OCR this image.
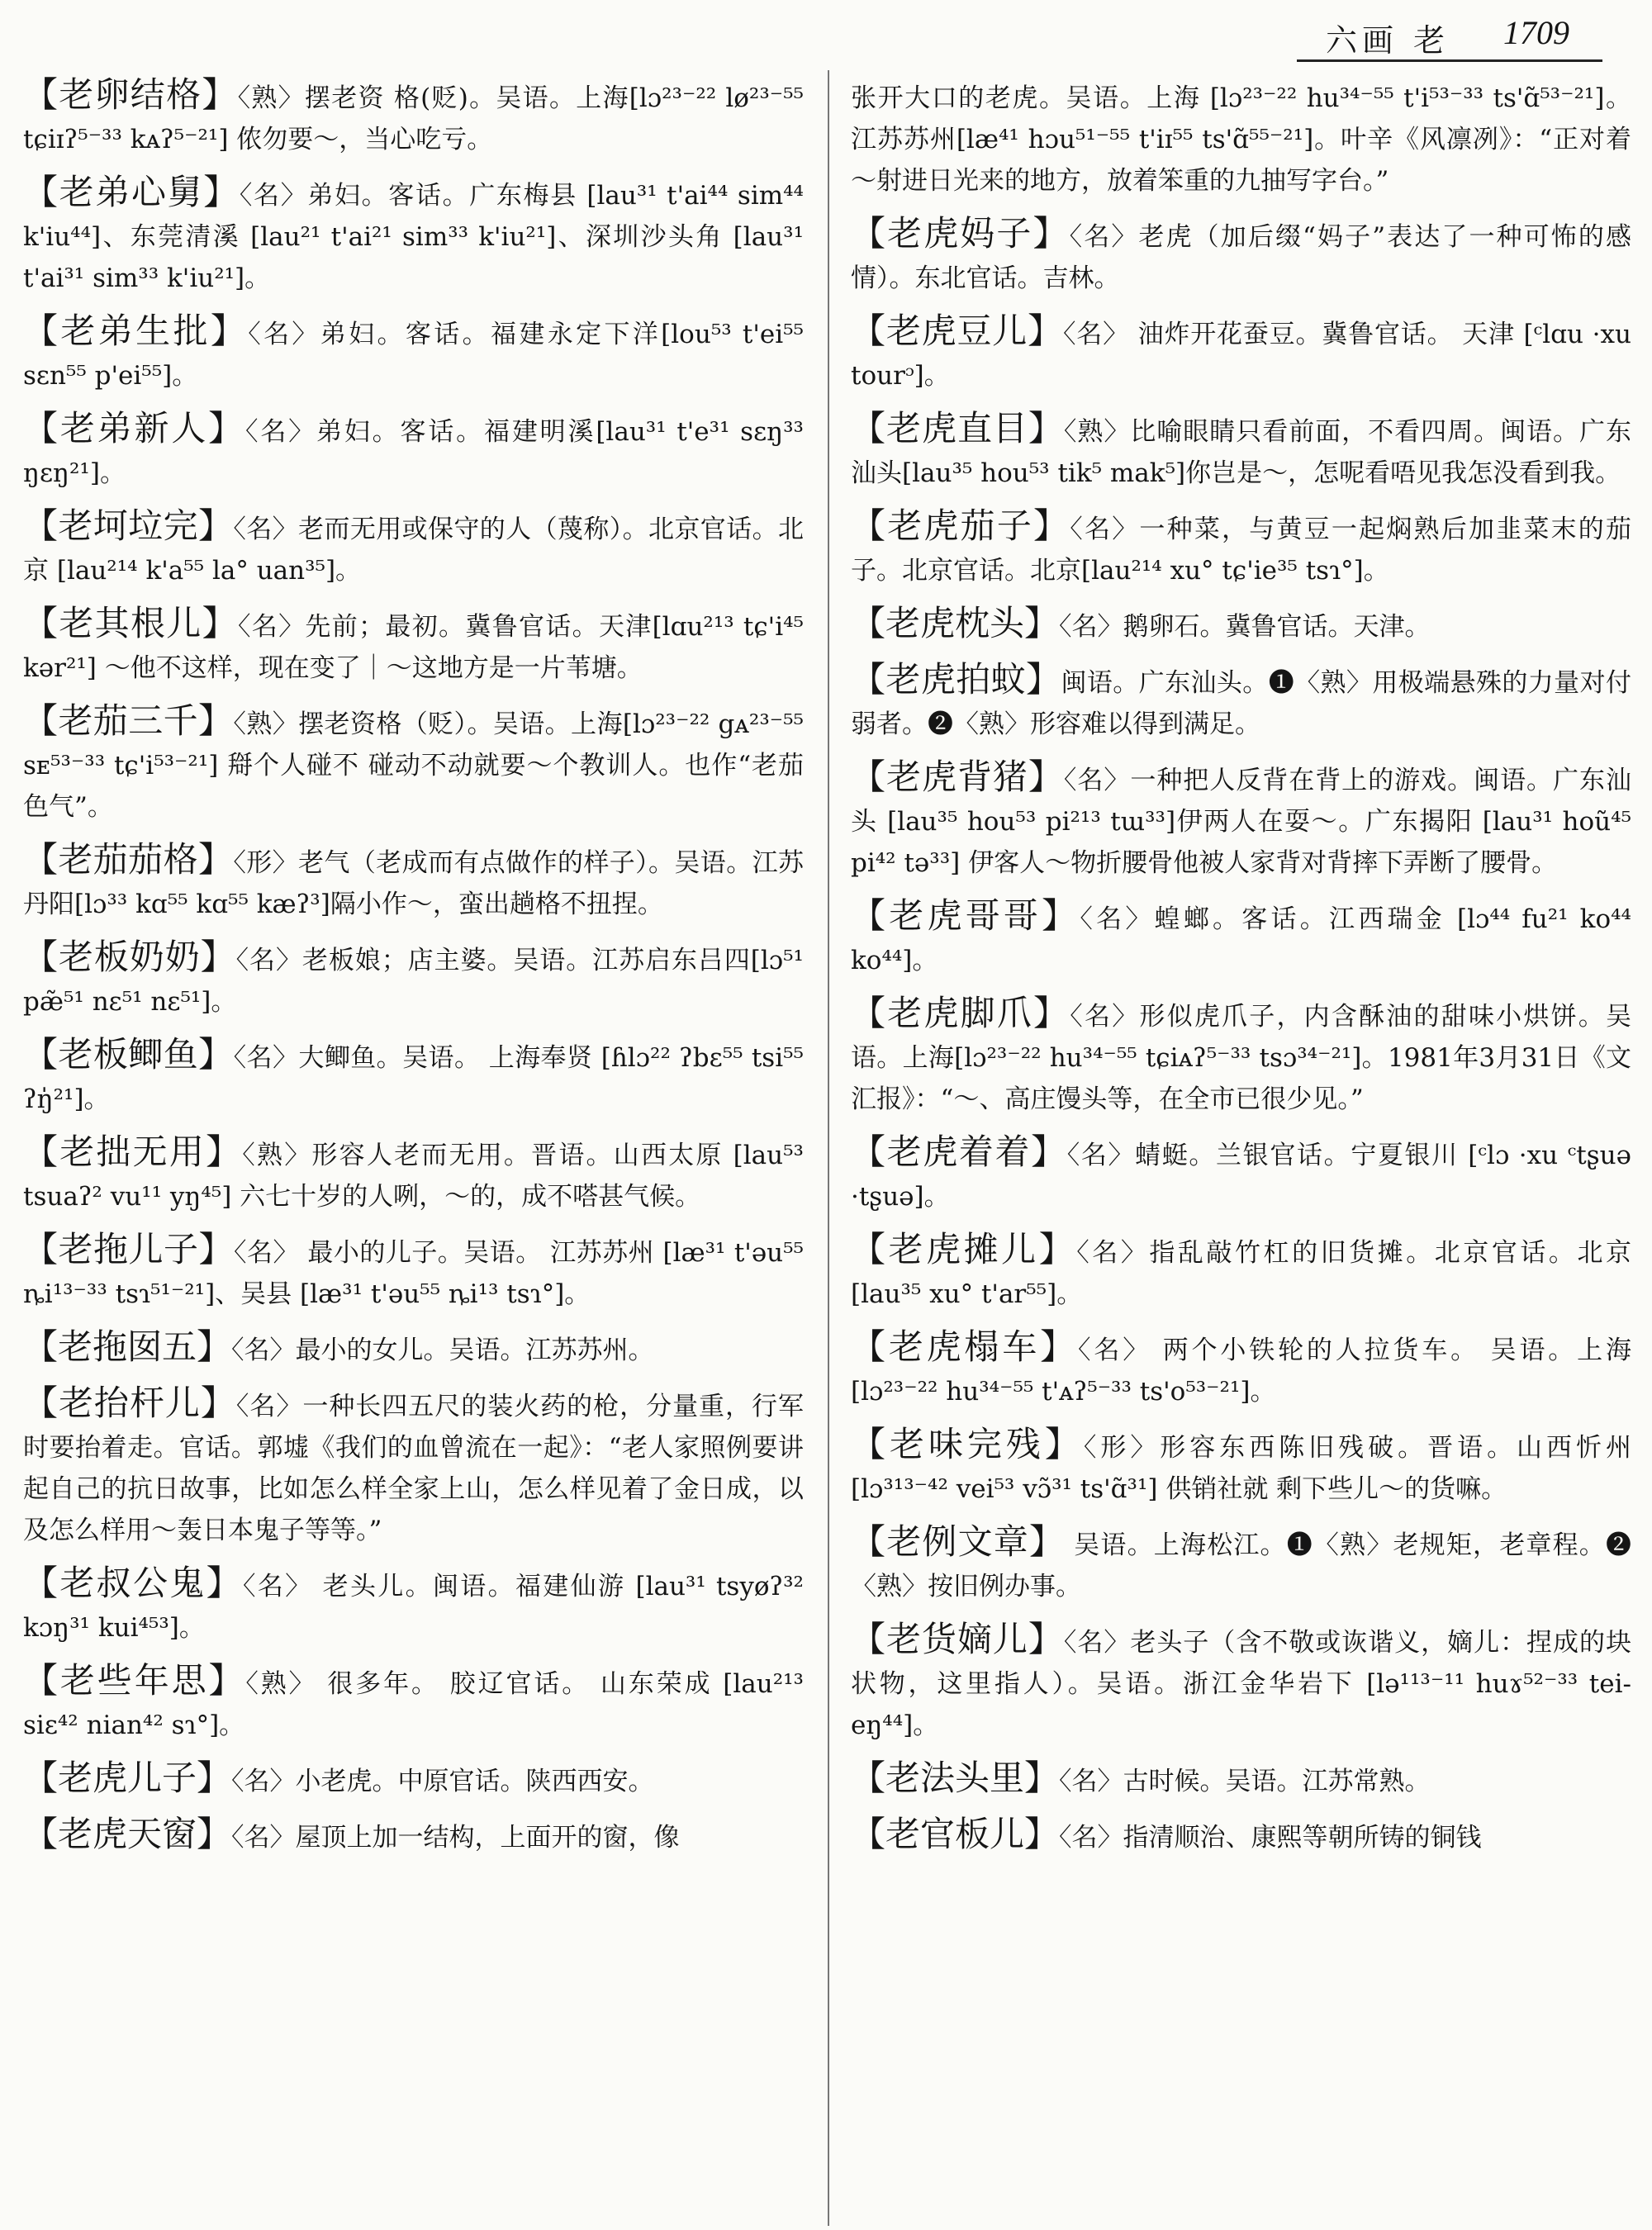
六画 老 1709

【老卵结格】〈熟〉摆老资 格(贬)。吴语。上海[lɔ²³⁻²² lø²³⁻⁵⁵ tɕiɪʔ⁵⁻³³ kᴀʔ⁵⁻²¹] 侬勿要～，当心吃亏。

【老弟心舅】〈名〉弟妇。客话。广东梅县 [lau³¹ t'ai⁴⁴ sim⁴⁴ k'iu⁴⁴]、东莞清溪 [lau²¹ t'ai²¹ sim³³ k'iu²¹]、深圳沙头角 [lau³¹ t'ai³¹ sim³³ k'iu²¹]。

【老弟生批】〈名〉弟妇。客话。福建永定下洋[lou⁵³ t'ei⁵⁵ sɛn⁵⁵ p'ei⁵⁵]。

【老弟新人】〈名〉弟妇。客话。福建明溪[lau³¹ t'e³¹ sɛŋ³³ ŋɛŋ²¹]。

【老坷垃完】〈名〉老而无用或保守的人（蔑称）。北京官话。北京 [lau²¹⁴ k'a⁵⁵ la° uan³⁵]。

【老其根儿】〈名〉先前；最初。冀鲁官话。天津[lɑu²¹³ tɕ'i⁴⁵ kər²¹] ～他不这样，现在变了｜～这地方是一片苇塘。

【老茄三千】〈熟〉摆老资格（贬）。吴语。上海[lɔ²³⁻²² gᴀ²³⁻⁵⁵ sᴇ⁵³⁻³³ tɕ'i⁵³⁻²¹] 搿个人碰不 碰动不动就要～个教训人。也作“老茄色气”。

【老茄茄格】〈形〉老气（老成而有点做作的样子）。吴语。江苏丹阳[lɔ³³ kɑ⁵⁵ kɑ⁵⁵ kæʔ³]隔小作～，蛮出趟格不扭捏。

【老板奶奶】〈名〉老板娘；店主婆。吴语。江苏启东吕四[lɔ⁵¹ pæ̃⁵¹ nɛ⁵¹ nɛ⁵¹]。

【老板鲫鱼】〈名〉大鲫鱼。吴语。 上海奉贤 [ɦlɔ²² ʔbɛ⁵⁵ tsi⁵⁵ ʔŋ̍²¹]。

【老拙无用】〈熟〉形容人老而无用。晋语。山西太原 [lau⁵³ tsuaʔ² vu¹¹ yŋ⁴⁵] 六七十岁的人咧，～的，成不嗒甚气候。

【老拖儿子】〈名〉 最小的儿子。吴语。 江苏苏州 [læ³¹ t'əu⁵⁵ ȵi¹³⁻³³ tsɿ⁵¹⁻²¹]、吴县 [læ³¹ t'əu⁵⁵ ȵi¹³ tsɿ°]。

【老拖囡五】〈名〉最小的女儿。吴语。江苏苏州。

【老抬杆儿】〈名〉一种长四五尺的装火药的枪，分量重，行军时要抬着走。官话。郭墟《我们的血曾流在一起》：“老人家照例要讲起自己的抗日故事，比如怎么样全家上山，怎么样见着了金日成，以及怎么样用～轰日本鬼子等等。”

【老叔公鬼】〈名〉 老头儿。闽语。福建仙游 [lau³¹ tsyøʔ³² kɔŋ³¹ kui⁴⁵³]。

【老些年思】〈熟〉 很多年。 胶辽官话。 山东荣成 [lau²¹³ siɛ⁴² nian⁴² sɿ°]。

【老虎儿子】〈名〉小老虎。中原官话。陕西西安。

【老虎天窗】〈名〉屋顶上加一结构，上面开的窗，像

张开大口的老虎。吴语。上海 [lɔ²³⁻²² hu³⁴⁻⁵⁵ t'i⁵³⁻³³ ts'ɑ̃⁵³⁻²¹]。江苏苏州[læ⁴¹ hɔu⁵¹⁻⁵⁵ t'iɪ⁵⁵ ts'ɑ̃⁵⁵⁻²¹]。叶辛《风凛冽》：“正对着～射进日光来的地方，放着笨重的九抽写字台。”

【老虎妈子】〈名〉老虎（加后缀“妈子”表达了一种可怖的感情）。东北官话。吉林。

【老虎豆儿】〈名〉 油炸开花蚕豆。冀鲁官话。 天津 [ᶜlɑu ·xu tourᵓ]。

【老虎直目】〈熟〉比喻眼睛只看前面，不看四周。闽语。广东汕头[lau³⁵ hou⁵³ tik⁵ mak⁵]你岂是～，怎呢看唔见我怎没看到我。

【老虎茄子】〈名〉一种菜，与黄豆一起焖熟后加韭菜末的茄子。北京官话。北京[lau²¹⁴ xu° tɕ'ie³⁵ tsɿ°]。

【老虎枕头】〈名〉鹅卵石。冀鲁官话。天津。

【老虎拍蚊】闽语。广东汕头。❶〈熟〉用极端悬殊的力量对付弱者。❷〈熟〉形容难以得到满足。

【老虎背猪】〈名〉一种把人反背在背上的游戏。闽语。广东汕头 [lau³⁵ hou⁵³ pi²¹³ tɯ³³]伊两人在耍～。广东揭阳 [lau³¹ hoũ⁴⁵ pi⁴² tə³³] 伊客人～物折腰骨他被人家背对背摔下弄断了腰骨。

【老虎哥哥】〈名〉蝗螂。客话。江西瑞金 [lɔ⁴⁴ fu²¹ ko⁴⁴ ko⁴⁴]。

【老虎脚爪】〈名〉形似虎爪子，内含酥油的甜味小烘饼。吴语。上海[lɔ²³⁻²² hu³⁴⁻⁵⁵ tɕiᴀʔ⁵⁻³³ tsɔ³⁴⁻²¹]。1981年3月31日《文汇报》：“～、高庄馒头等，在全市已很少见。”

【老虎着着】〈名〉蜻蜓。兰银官话。宁夏银川 [ᶜlɔ ·xu ᶜtʂuə ·tʂuə]。

【老虎摊儿】〈名〉指乱敲竹杠的旧货摊。北京官话。北京 [lau³⁵ xu° t'ar⁵⁵]。

【老虎榻车】〈名〉 两个小铁轮的人拉货车。 吴语。上海 [lɔ²³⁻²² hu³⁴⁻⁵⁵ t'ᴀʔ⁵⁻³³ ts'o⁵³⁻²¹]。

【老味完残】〈形〉形容东西陈旧残破。晋语。山西忻州 [lɔ³¹³⁻⁴² vei⁵³ vɔ̃³¹ ts'ɑ̃³¹] 供销社就 剩下些儿～的货嘛。

【老例文章】 吴语。上海松江。❶〈熟〉老规矩，老章程。❷〈熟〉按旧例办事。

【老货嫡儿】〈名〉老头子（含不敬或诙谐义，嫡儿：捏成的块状物，这里指人）。吴语。浙江金华岩下 [lə¹¹³⁻¹¹ huɤ⁵²⁻³³ tei-eŋ⁴⁴]。

【老法头里】〈名〉古时候。吴语。江苏常熟。

【老官板儿】〈名〉指清顺治、康熙等朝所铸的铜钱
